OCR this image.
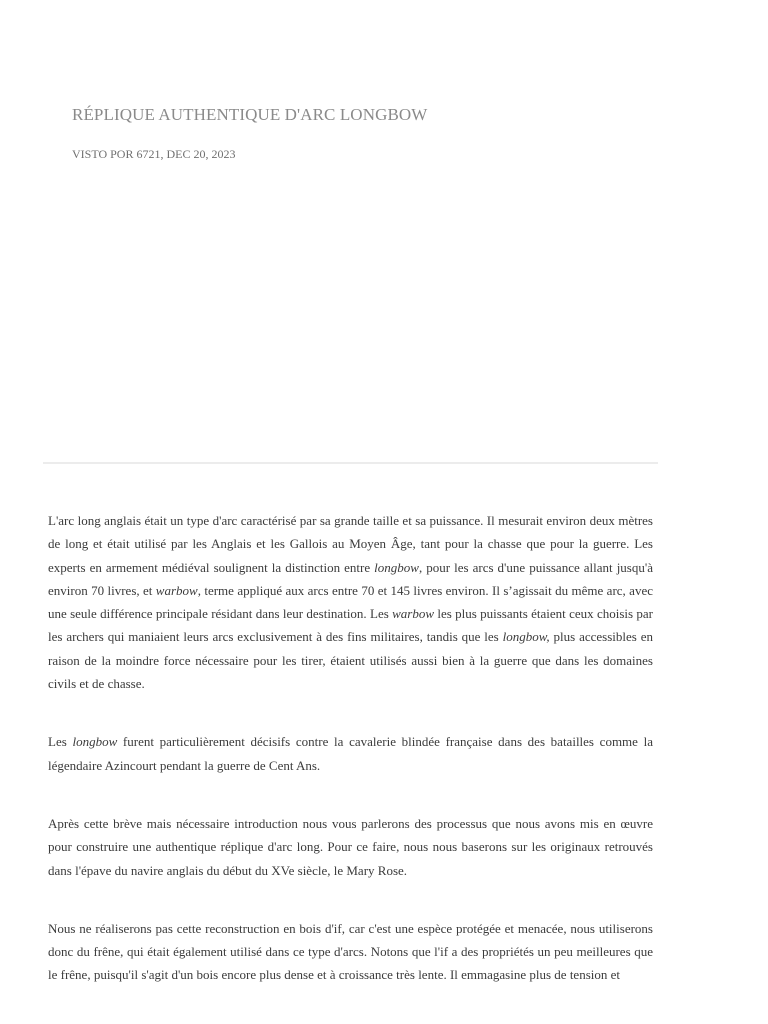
RÉPLIQUE AUTHENTIQUE D'ARC LONGBOW
VISTO POR 6721, DEC 20, 2023

L'arc long anglais était un type d'arc caractérisé par sa grande taille et sa puissance. Il mesurait environ deux mètres de long et était utilisé par les Anglais et les Gallois au Moyen Âge, tant pour la chasse que pour la guerre. Les experts en armement médiéval soulignent la distinction entre longbow, pour les arcs d'une puissance allant jusqu'à environ 70 livres, et warbow, terme appliqué aux arcs entre 70 et 145 livres environ. Il s’agissait du même arc, avec une seule différence principale résidant dans leur destination. Les warbow les plus puissants étaient ceux choisis par les archers qui maniaient leurs arcs exclusivement à des fins militaires, tandis que les longbow, plus accessibles en raison de la moindre force nécessaire pour les tirer, étaient utilisés aussi bien à la guerre que dans les domaines civils et de chasse.

Les longbow furent particulièrement décisifs contre la cavalerie blindée française dans des batailles comme la légendaire Azincourt pendant la guerre de Cent Ans.

Après cette brève mais nécessaire introduction nous vous parlerons des processus que nous avons mis en œuvre pour construire une authentique réplique d'arc long. Pour ce faire, nous nous baserons sur les originaux retrouvés dans l'épave du navire anglais du début du XVe siècle, le Mary Rose.

Nous ne réaliserons pas cette reconstruction en bois d'if, car c'est une espèce protégée et menacée, nous utiliserons donc du frêne, qui était également utilisé dans ce type d'arcs. Notons que l'if a des propriétés un peu meilleures que le frêne, puisqu'il s'agit d'un bois encore plus dense et à croissance très lente. Il emmagasine plus de tension et
